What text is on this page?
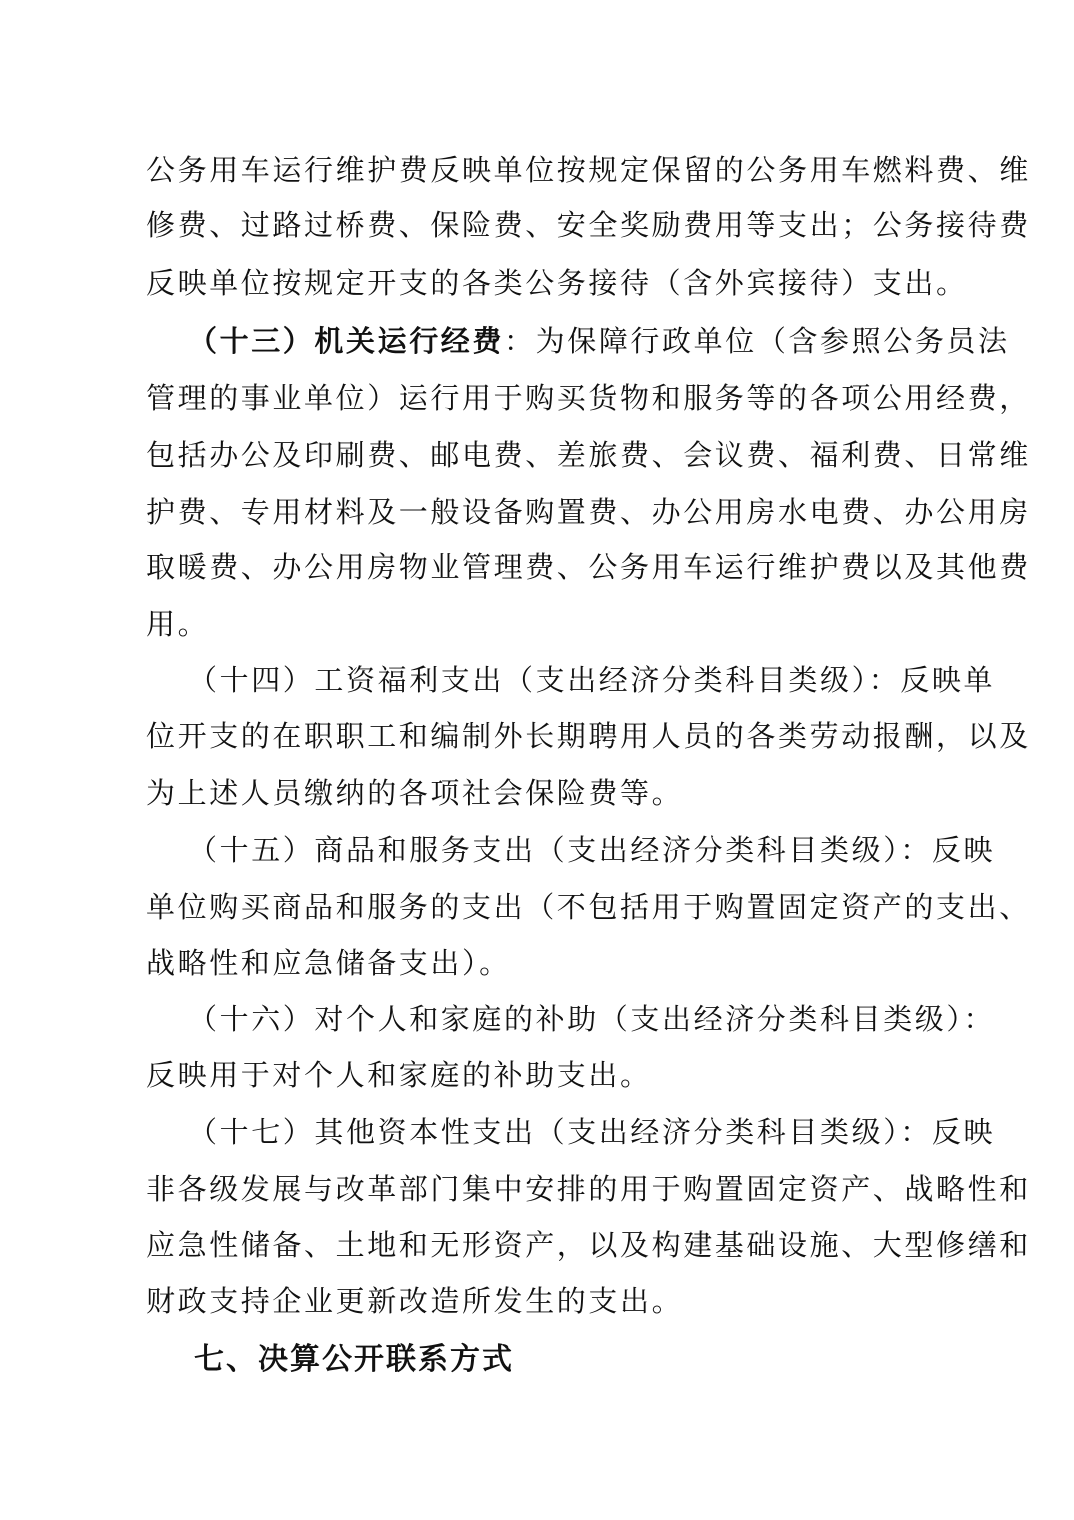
公务用车运行维护费反映单位按规定保留的公务用车燃料费、维
修费、过路过桥费、保险费、安全奖励费用等支出；公务接待费
反映单位按规定开支的各类公务接待（含外宾接待）支出。
（十三）机关运行经费：为保障行政单位（含参照公务员法
管理的事业单位）运行用于购买货物和服务等的各项公用经费，
包括办公及印刷费、邮电费、差旅费、会议费、福利费、日常维
护费、专用材料及一般设备购置费、办公用房水电费、办公用房
取暖费、办公用房物业管理费、公务用车运行维护费以及其他费
用。
（十四）工资福利支出（支出经济分类科目类级）：反映单
位开支的在职职工和编制外长期聘用人员的各类劳动报酬，以及
为上述人员缴纳的各项社会保险费等。
（十五）商品和服务支出（支出经济分类科目类级）：反映
单位购买商品和服务的支出（不包括用于购置固定资产的支出、
战略性和应急储备支出）。
（十六）对个人和家庭的补助（支出经济分类科目类级）：
反映用于对个人和家庭的补助支出。
（十七）其他资本性支出（支出经济分类科目类级）：反映
非各级发展与改革部门集中安排的用于购置固定资产、战略性和
应急性储备、土地和无形资产，以及构建基础设施、大型修缮和
财政支持企业更新改造所发生的支出。
七、决算公开联系方式
